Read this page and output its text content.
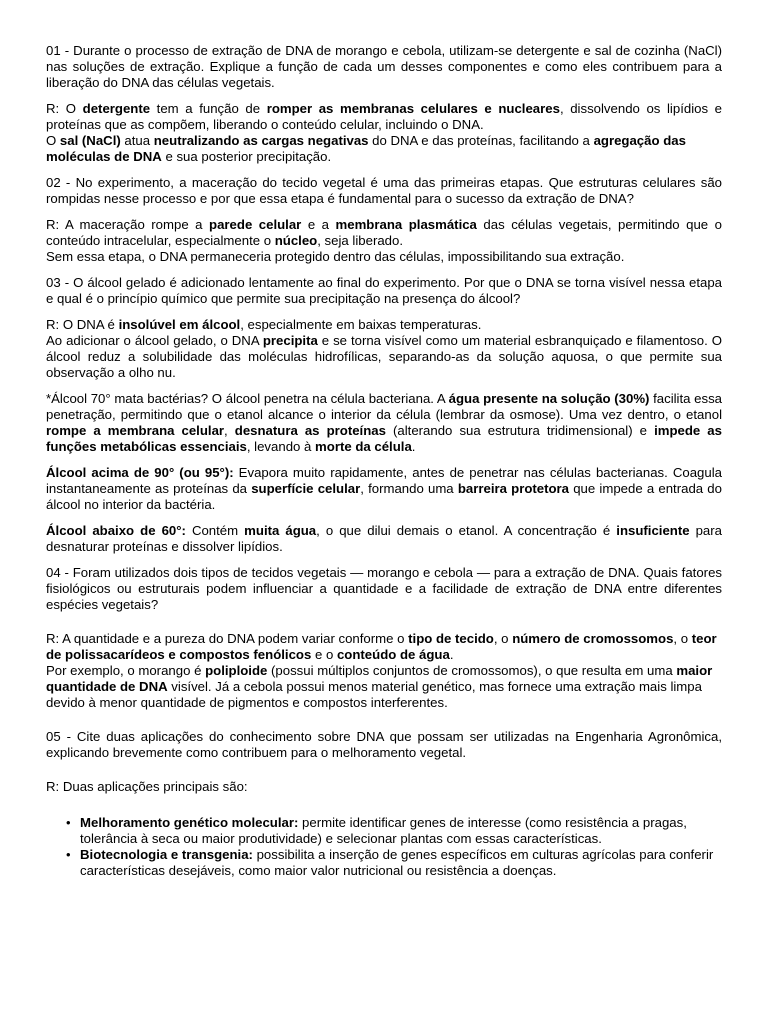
01 - Durante o processo de extração de DNA de morango e cebola, utilizam-se detergente e sal de cozinha (NaCl) nas soluções de extração. Explique a função de cada um desses componentes e como eles contribuem para a liberação do DNA das células vegetais.

R: O detergente tem a função de romper as membranas celulares e nucleares, dissolvendo os lipídios e proteínas que as compõem, liberando o conteúdo celular, incluindo o DNA.

O sal (NaCl) atua neutralizando as cargas negativas do DNA e das proteínas, facilitando a agregação das moléculas de DNA e sua posterior precipitação.

02 - No experimento, a maceração do tecido vegetal é uma das primeiras etapas. Que estruturas celulares são rompidas nesse processo e por que essa etapa é fundamental para o sucesso da extração de DNA?

R: A maceração rompe a parede celular e a membrana plasmática das células vegetais, permitindo que o conteúdo intracelular, especialmente o núcleo, seja liberado.

Sem essa etapa, o DNA permaneceria protegido dentro das células, impossibilitando sua extração.

03 - O álcool gelado é adicionado lentamente ao final do experimento. Por que o DNA se torna visível nessa etapa e qual é o princípio químico que permite sua precipitação na presença do álcool?

R: O DNA é insolúvel em álcool, especialmente em baixas temperaturas.

Ao adicionar o álcool gelado, o DNA precipita e se torna visível como um material esbranquiçado e filamentoso. O álcool reduz a solubilidade das moléculas hidrofílicas, separando-as da solução aquosa, o que permite sua observação a olho nu.

*Álcool 70° mata bactérias? O álcool penetra na célula bacteriana. A água presente na solução (30%) facilita essa penetração, permitindo que o etanol alcance o interior da célula (lembrar da osmose). Uma vez dentro, o etanol rompe a membrana celular, desnatura as proteínas (alterando sua estrutura tridimensional) e impede as funções metabólicas essenciais, levando à morte da célula.

Álcool acima de 90° (ou 95°): Evapora muito rapidamente, antes de penetrar nas células bacterianas. Coagula instantaneamente as proteínas da superfície celular, formando uma barreira protetora que impede a entrada do álcool no interior da bactéria.

Álcool abaixo de 60°: Contém muita água, o que dilui demais o etanol. A concentração é insuficiente para desnaturar proteínas e dissolver lipídios.

04 - Foram utilizados dois tipos de tecidos vegetais — morango e cebola — para a extração de DNA. Quais fatores fisiológicos ou estruturais podem influenciar a quantidade e a facilidade de extração de DNA entre diferentes espécies vegetais?

R: A quantidade e a pureza do DNA podem variar conforme o tipo de tecido, o número de cromossomos, o teor de polissacarídeos e compostos fenólicos e o conteúdo de água.

Por exemplo, o morango é poliploide (possui múltiplos conjuntos de cromossomos), o que resulta em uma maior quantidade de DNA visível. Já a cebola possui menos material genético, mas fornece uma extração mais limpa devido à menor quantidade de pigmentos e compostos interferentes.

05 - Cite duas aplicações do conhecimento sobre DNA que possam ser utilizadas na Engenharia Agronômica, explicando brevemente como contribuem para o melhoramento vegetal.

R: Duas aplicações principais são:

• Melhoramento genético molecular: permite identificar genes de interesse (como resistência a pragas, tolerância à seca ou maior produtividade) e selecionar plantas com essas características.
• Biotecnologia e transgenia: possibilita a inserção de genes específicos em culturas agrícolas para conferir características desejáveis, como maior valor nutricional ou resistência a doenças.
